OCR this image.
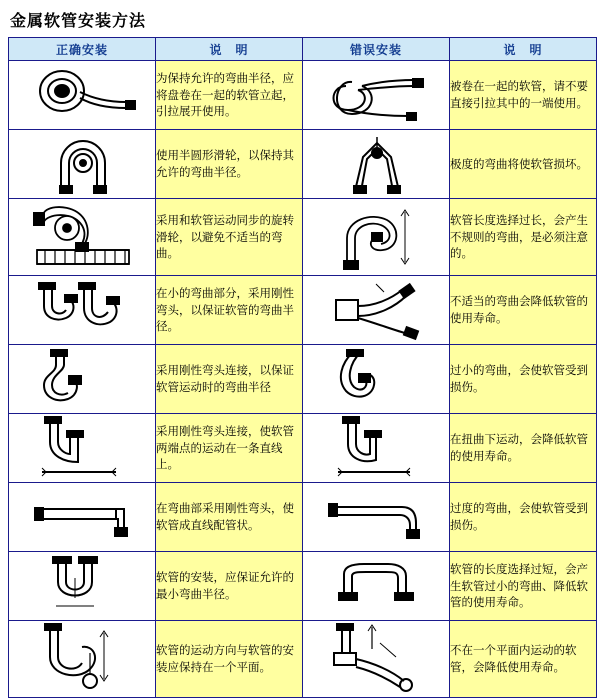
金属软管安装方法
正确安装	说　明	错误安装	说　明

	为保持允许的弯曲半径，应将盘卷在一起的软管立起，引拉展开使用。		被卷在一起的软管，请不要直接引拉其中的一端使用。

	使用半圆形滑轮，以保持其允许的弯曲半径。		极度的弯曲将使软管损坏。

	采用和软管运动同步的旋转滑轮，以避免不适当的弯曲。		软管长度选择过长，会产生不规则的弯曲，是必须注意的。

	在小的弯曲部分，采用刚性弯头，以保证软管的弯曲半径。		不适当的弯曲会降低软管的使用寿命。

	采用刚性弯头连接，以保证软管运动时的弯曲半径		过小的弯曲，会使软管受到损伤。

	采用刚性弯头连接，使软管两端点的运动在一条直线上。		在扭曲下运动，会降低软管的使用寿命。

	在弯曲部采用刚性弯头，使软管成直线配管状。		过度的弯曲，会使软管受到损伤。

	软管的安装，应保证允许的最小弯曲半径。		软管的长度选择过短，会产生软管过小的弯曲、降低软管的使用寿命。

	软管的运动方向与软管的安装应保持在一个平面。		不在一个平面内运动的软管，会降低使用寿命。
